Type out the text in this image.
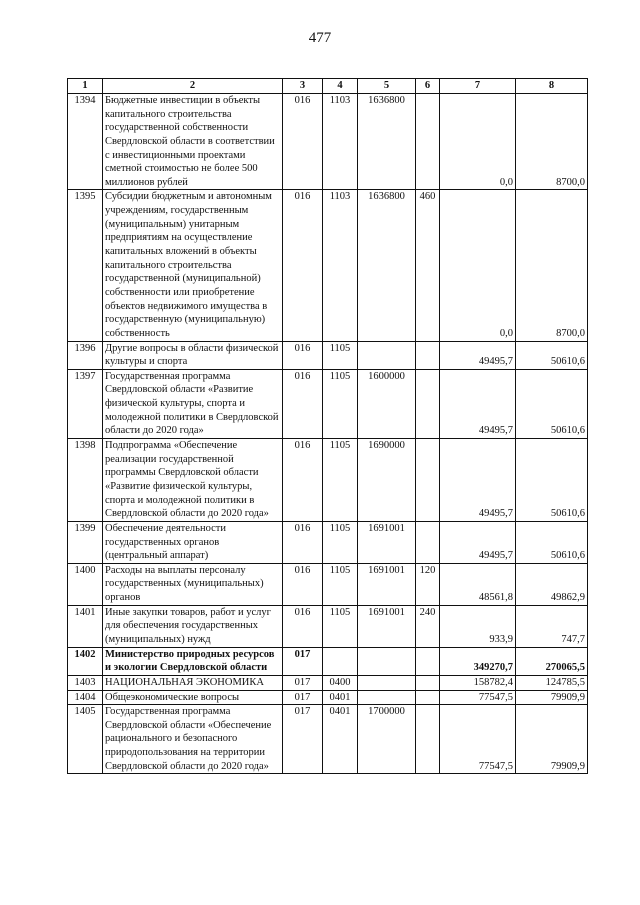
477
1	2	3	4	5	6	7	8
1394	Бюджетные инвестиции в объекты капитального строительства государственной собственности Свердловской области в соответствии с инвестиционными проектами сметной стоимостью не более 500 миллионов рублей	016	1103	1636800		0,0	8700,0
1395	Субсидии бюджетным и автономным учреждениям, государственным (муниципальным) унитарным предприятиям на осуществление капитальных вложений в объекты капитального строительства государственной (муниципальной) собственности или приобретение объектов недвижимого имущества в государственную (муниципальную) собственность	016	1103	1636800	460	0,0	8700,0
1396	Другие вопросы в области физической культуры и спорта	016	1105			49495,7	50610,6
1397	Государственная программа Свердловской области «Развитие физической культуры, спорта и молодежной политики в Свердловской области до 2020 года»	016	1105	1600000		49495,7	50610,6
1398	Подпрограмма «Обеспечение реализации государственной программы Свердловской области «Развитие физической культуры, спорта и молодежной политики в Свердловской области до 2020 года»	016	1105	1690000		49495,7	50610,6
1399	Обеспечение деятельности государственных органов (центральный аппарат)	016	1105	1691001		49495,7	50610,6
1400	Расходы на выплаты персоналу государственных (муниципальных) органов	016	1105	1691001	120	48561,8	49862,9
1401	Иные закупки товаров, работ и услуг для обеспечения государственных (муниципальных) нужд	016	1105	1691001	240	933,9	747,7
1402	Министерство природных ресурсов и экологии Свердловской области	017				349270,7	270065,5
1403	НАЦИОНАЛЬНАЯ ЭКОНОМИКА	017	0400			158782,4	124785,5
1404	Общеэкономические вопросы	017	0401			77547,5	79909,9
1405	Государственная программа Свердловской области «Обеспечение рационального и безопасного природопользования на территории Свердловской области до 2020 года»	017	0401	1700000		77547,5	79909,9
